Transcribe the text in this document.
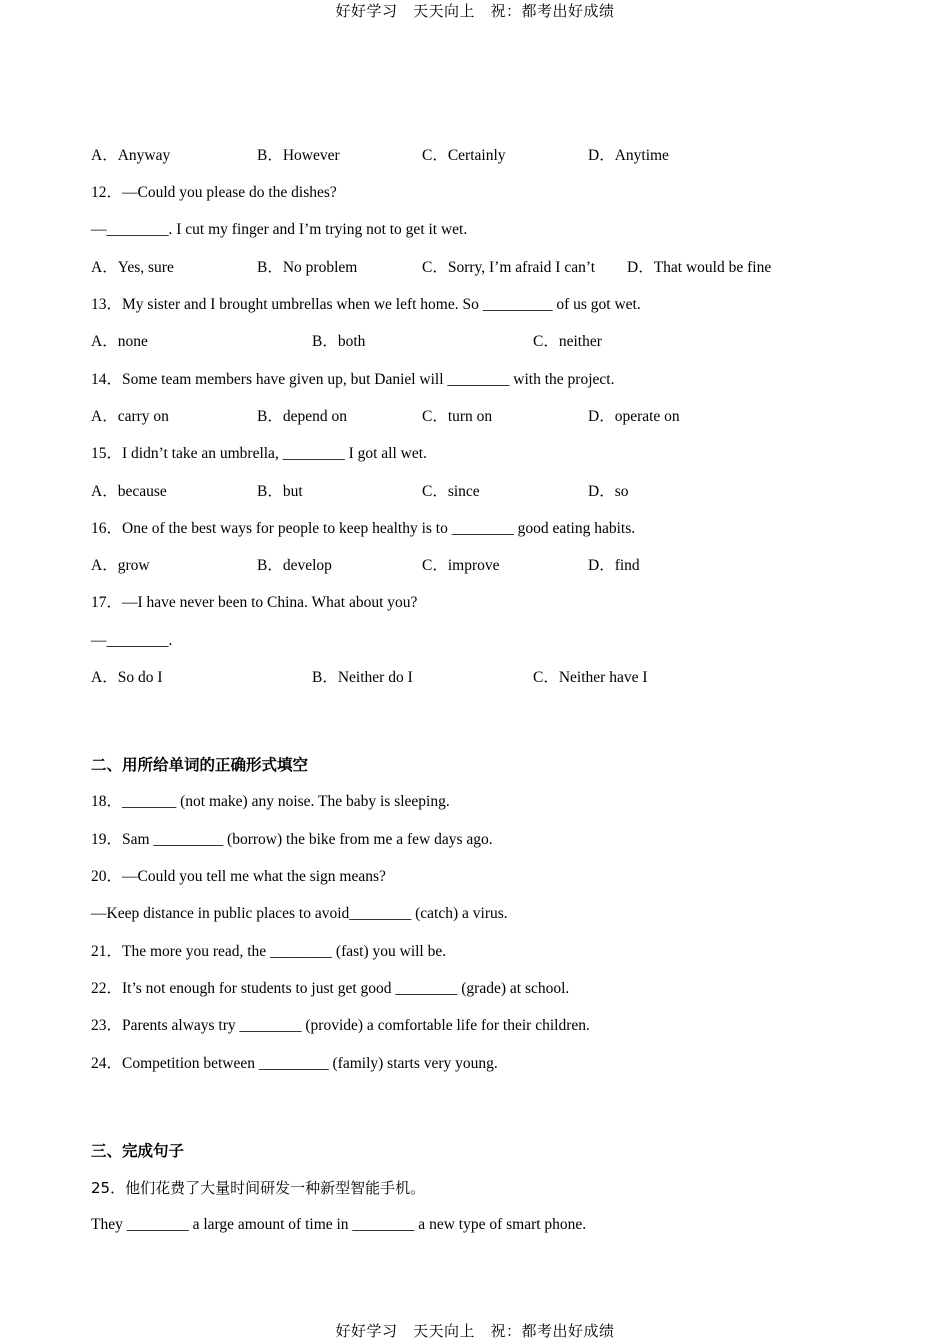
好好学习　天天向上　祝：都考出好成绩
A．Anyway	B．However	C．Certainly	D．Anytime
12．—Could you please do the dishes?
—________. I cut my finger and I’m trying not to get it wet.
A．Yes, sure	B．No problem	C．Sorry, I’m afraid I can’t D．That would be fine
13．My sister and I brought umbrellas when we left home. So _________ of us got wet.
A．none	B．both	C．neither
14．Some team members have given up, but Daniel will ________ with the project.
A．carry on	B．depend on	C．turn on	D．operate on
15．I didn’t take an umbrella, ________ I got all wet.
A．because	B．but	C．since	D．so
16．One of the best ways for people to keep healthy is to ________ good eating habits.
A．grow	B．develop	C．improve	D．find
17．—I have never been to China. What about you?
—________.
A．So do I	B．Neither do I	C．Neither have I
二、用所给单词的正确形式填空
18．_______ (not make) any noise. The baby is sleeping.
19．Sam _________ (borrow) the bike from me a few days ago.
20．—Could you tell me what the sign means?
—Keep distance in public places to avoid________ (catch) a virus.
21．The more you read, the ________ (fast) you will be.
22．It’s not enough for students to just get good ________ (grade) at school.
23．Parents always try ________ (provide) a comfortable life for their children.
24．Competition between _________ (family) starts very young.
三、完成句子
25．他们花费了大量时间研发一种新型智能手机。
They ________ a large amount of time in ________ a new type of smart phone.
好好学习　天天向上　祝：都考出好成绩
